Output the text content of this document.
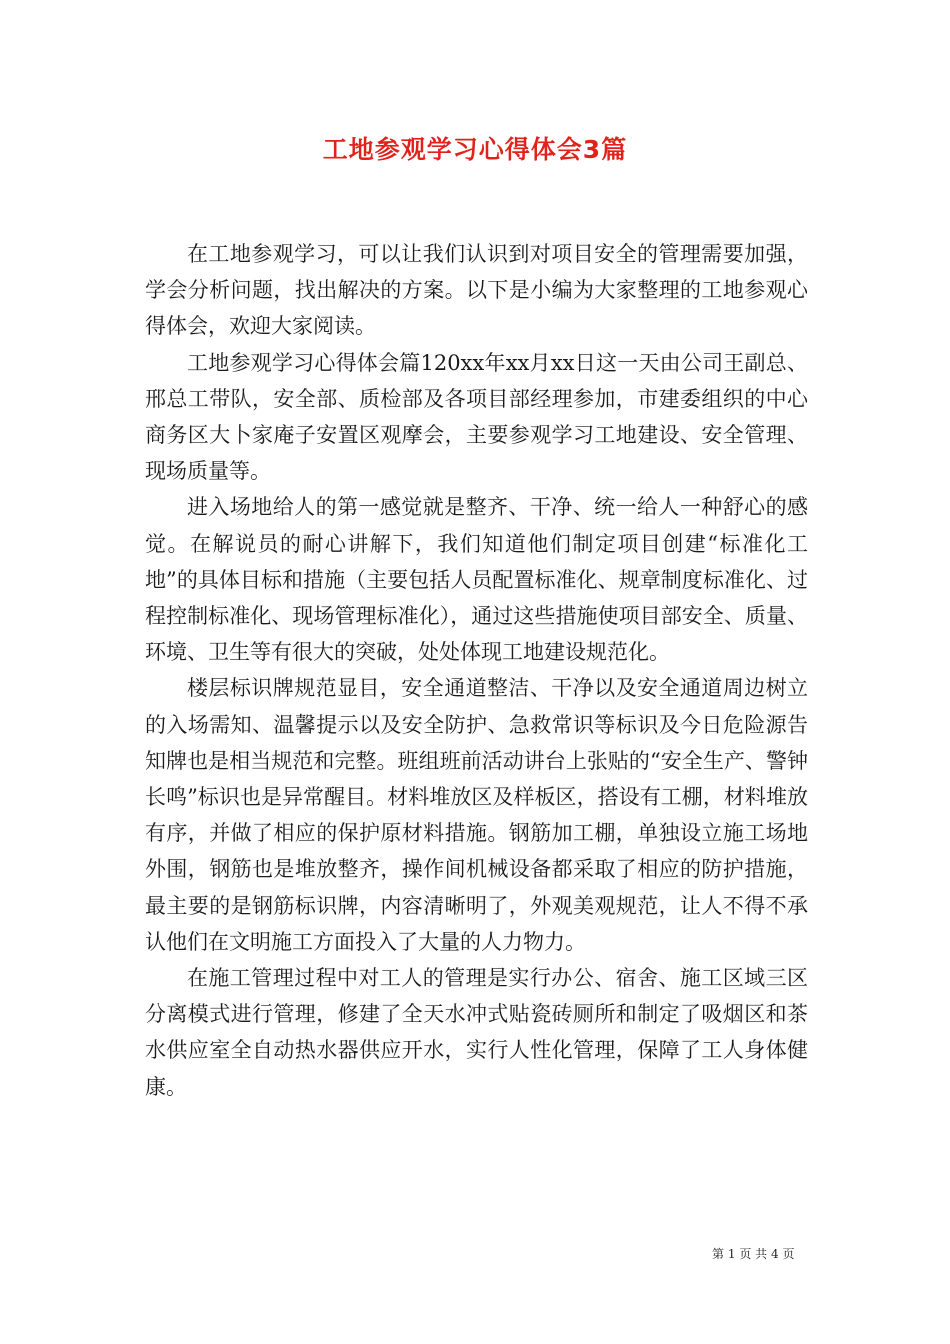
工地参观学习心得体会3篇

在工地参观学习，可以让我们认识到对项目安全的管理需要加强，学会分析问题，找出解决的方案。以下是小编为大家整理的工地参观心得体会，欢迎大家阅读。

工地参观学习心得体会篇120xx年xx月xx日这一天由公司王副总、邢总工带队，安全部、质检部及各项目部经理参加，市建委组织的中心商务区大卜家庵子安置区观摩会，主要参观学习工地建设、安全管理、现场质量等。

进入场地给人的第一感觉就是整齐、干净、统一给人一种舒心的感觉。在解说员的耐心讲解下，我们知道他们制定项目创建“标准化工地”的具体目标和措施（主要包括人员配置标准化、规章制度标准化、过程控制标准化、现场管理标准化），通过这些措施使项目部安全、质量、环境、卫生等有很大的突破，处处体现工地建设规范化。

楼层标识牌规范显目，安全通道整洁、干净以及安全通道周边树立的入场需知、温馨提示以及安全防护、急救常识等标识及今日危险源告知牌也是相当规范和完整。班组班前活动讲台上张贴的“安全生产、警钟长鸣”标识也是异常醒目。材料堆放区及样板区，搭设有工棚，材料堆放有序，并做了相应的保护原材料措施。钢筋加工棚，单独设立施工场地外围，钢筋也是堆放整齐，操作间机械设备都采取了相应的防护措施，最主要的是钢筋标识牌，内容清晰明了，外观美观规范，让人不得不承认他们在文明施工方面投入了大量的人力物力。

在施工管理过程中对工人的管理是实行办公、宿舍、施工区域三区分离模式进行管理，修建了全天水冲式贴瓷砖厕所和制定了吸烟区和茶水供应室全自动热水器供应开水，实行人性化管理，保障了工人身体健康。

第 1 页 共 4 页
